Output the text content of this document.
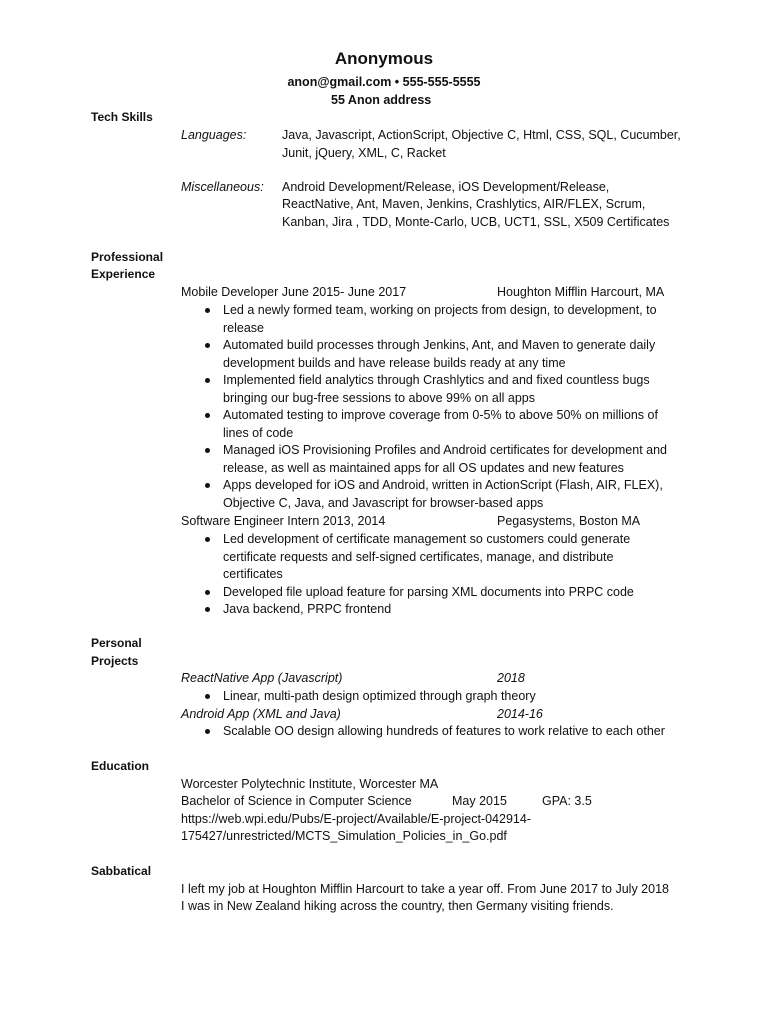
Anonymous
anon@gmail.com • 555-555-5555
55 Anon address
Tech Skills
Languages:	Java, Javascript, ActionScript, Objective C, Html, CSS, SQL, Cucumber,
Junit, jQuery, XML, C, Racket
Miscellaneous: Android Development/Release, iOS Development/Release,
ReactNative, Ant, Maven, Jenkins, Crashlytics, AIR/FLEX, Scrum,
Kanban, Jira , TDD, Monte-Carlo, UCB, UCT1, SSL, X509 Certificates
Professional
Experience
Mobile Developer June 2015- June 2017	Houghton Mifflin Harcourt, MA
Led a newly formed team, working on projects from design, to development, to
release
Automated build processes through Jenkins, Ant, and Maven to generate daily
development builds and have release builds ready at any time
Implemented field analytics through Crashlytics and and fixed countless bugs
bringing our bug-free sessions to above 99% on all apps
Automated testing to improve coverage from 0-5% to above 50% on millions of
lines of code
Managed iOS Provisioning Profiles and Android certificates for development and
release, as well as maintained apps for all OS updates and new features
Apps developed for iOS and Android, written in ActionScript (Flash, AIR, FLEX),
Objective C, Java, and Javascript for browser-based apps
Software Engineer Intern 2013, 2014	Pegasystems, Boston MA
Led development of certificate management so customers could generate
certificate requests and self-signed certificates, manage, and distribute
certificates
Developed file upload feature for parsing XML documents into PRPC code
Java backend, PRPC frontend
Personal
Projects
ReactNative App (Javascript)	2018
Linear, multi-path design optimized through graph theory
Android App (XML and Java)	2014-16
Scalable OO design allowing hundreds of features to work relative to each other
Education
Worcester Polytechnic Institute, Worcester MA
Bachelor of Science in Computer Science	May 2015	GPA: 3.5
https://web.wpi.edu/Pubs/E-project/Available/E-project-042914-
175427/unrestricted/MCTS_Simulation_Policies_in_Go.pdf
Sabbatical
I left my job at Houghton Mifflin Harcourt to take a year off. From June 2017 to July 2018
I was in New Zealand hiking across the country, then Germany visiting friends.
